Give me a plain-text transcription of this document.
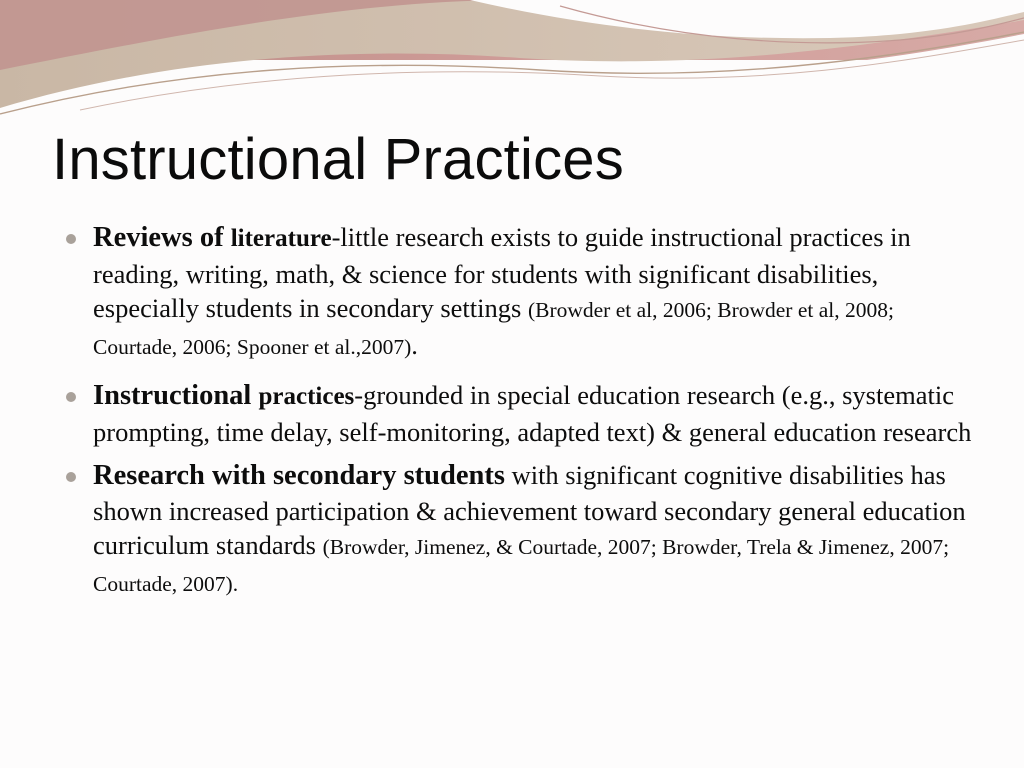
Instructional Practices
Reviews of literature-little research exists to guide instructional practices in reading, writing, math, & science for students with significant disabilities, especially students in secondary settings (Browder et al, 2006; Browder et al, 2008; Courtade, 2006; Spooner et al.,2007).
Instructional practices-grounded in special education research (e.g., systematic prompting, time delay, self-monitoring, adapted text) & general education research
Research with secondary students with significant cognitive disabilities has shown increased participation & achievement toward secondary general education curriculum standards (Browder, Jimenez, & Courtade, 2007; Browder, Trela & Jimenez, 2007; Courtade, 2007).
